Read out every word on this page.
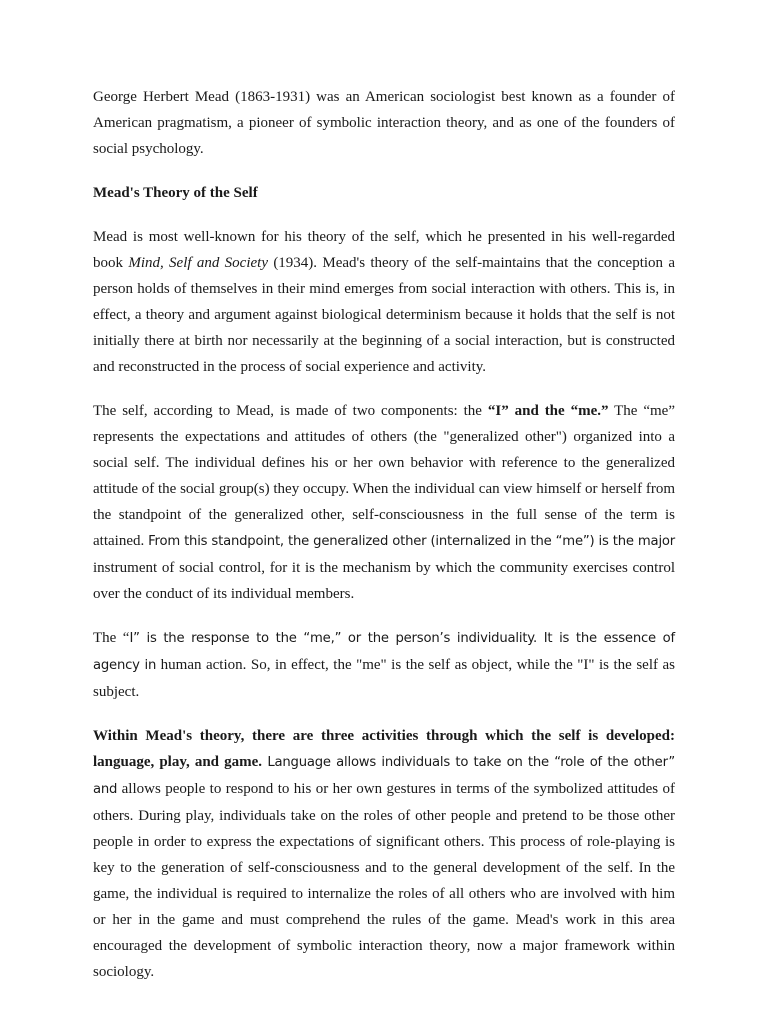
George Herbert Mead (1863-1931) was an American sociologist best known as a founder of American pragmatism, a pioneer of symbolic interaction theory, and as one of the founders of social psychology.

Mead's Theory of the Self

Mead is most well-known for his theory of the self, which he presented in his well-regarded book Mind, Self and Society (1934). Mead's theory of the self-maintains that the conception a person holds of themselves in their mind emerges from social interaction with others. This is, in effect, a theory and argument against biological determinism because it holds that the self is not initially there at birth nor necessarily at the beginning of a social interaction, but is constructed and reconstructed in the process of social experience and activity.

The self, according to Mead, is made of two components: the “I” and the “me.” The “me” represents the expectations and attitudes of others (the "generalized other") organized into a social self. The individual defines his or her own behavior with reference to the generalized attitude of the social group(s) they occupy. When the individual can view himself or herself from the standpoint of the generalized other, self-consciousness in the full sense of the term is attained. From this standpoint, the generalized other (internalized in the “me”) is the major instrument of social control, for it is the mechanism by which the community exercises control over the conduct of its individual members.

The “I” is the response to the “me,” or the person’s individuality. It is the essence of agency in human action. So, in effect, the "me" is the self as object, while the "I" is the self as subject.

Within Mead's theory, there are three activities through which the self is developed: language, play, and game. Language allows individuals to take on the “role of the other” and allows people to respond to his or her own gestures in terms of the symbolized attitudes of others. During play, individuals take on the roles of other people and pretend to be those other people in order to express the expectations of significant others. This process of role-playing is key to the generation of self-consciousness and to the general development of the self. In the game, the individual is required to internalize the roles of all others who are involved with him or her in the game and must comprehend the rules of the game. Mead's work in this area encouraged the development of symbolic interaction theory, now a major framework within sociology.
